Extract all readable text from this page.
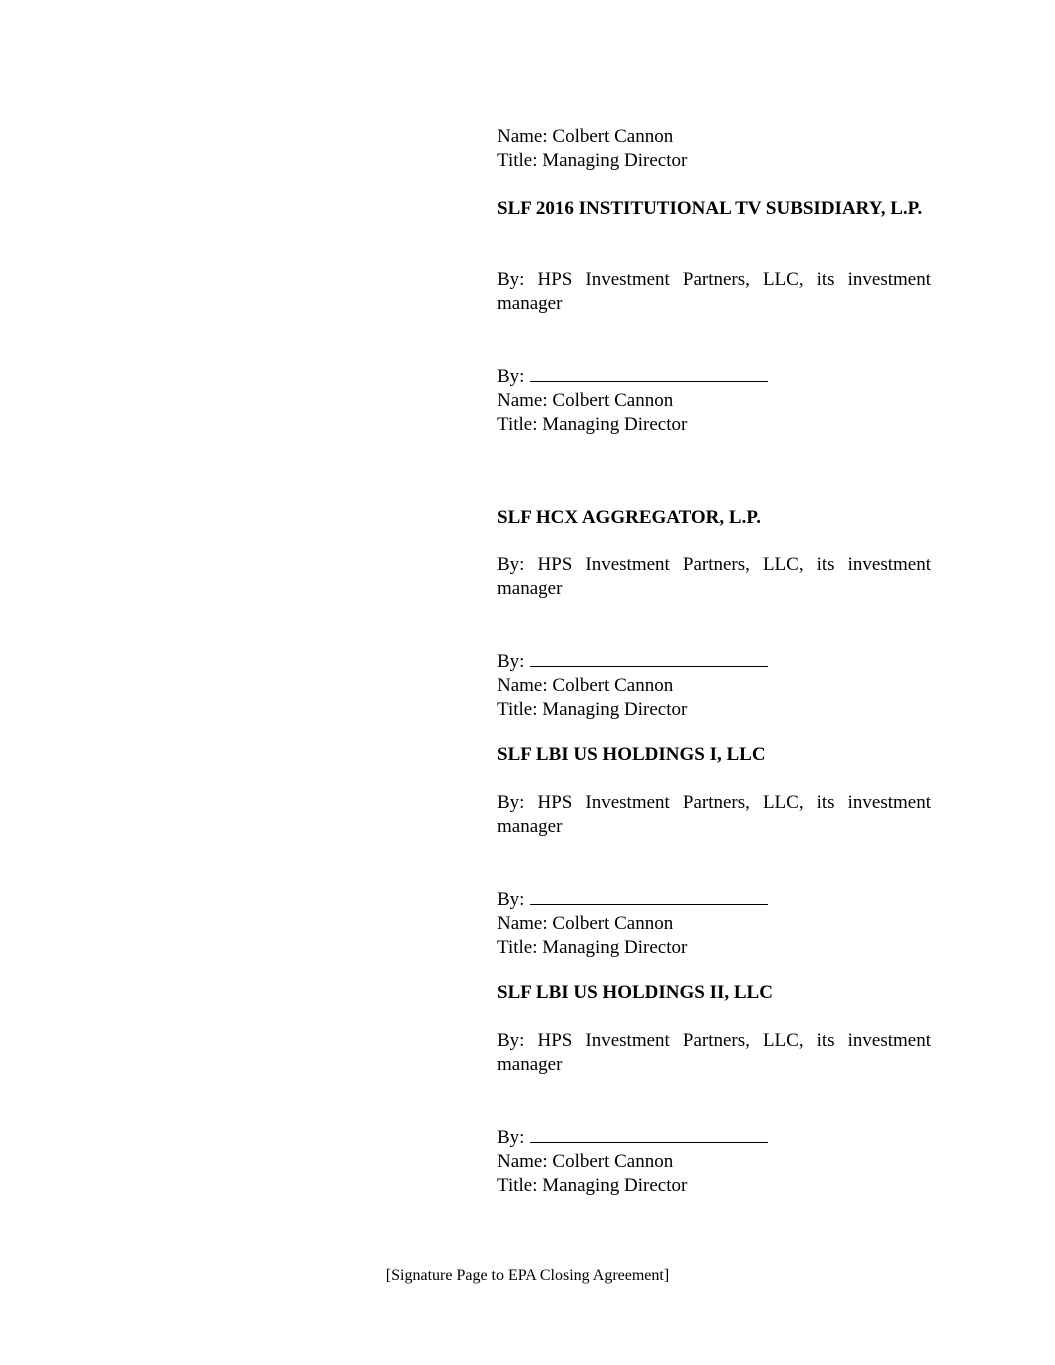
Name: Colbert Cannon
Title: Managing Director
SLF 2016 INSTITUTIONAL TV SUBSIDIARY, L.P.
By: HPS Investment Partners, LLC, its investment manager
By:
Name: Colbert Cannon
Title: Managing Director
SLF HCX AGGREGATOR, L.P.
By: HPS Investment Partners, LLC, its investment manager
By:
Name: Colbert Cannon
Title: Managing Director
SLF LBI US HOLDINGS I, LLC
By: HPS Investment Partners, LLC, its investment manager
By:
Name: Colbert Cannon
Title: Managing Director
SLF LBI US HOLDINGS II, LLC
By: HPS Investment Partners, LLC, its investment manager
By:
Name: Colbert Cannon
Title: Managing Director
[Signature Page to EPA Closing Agreement]
